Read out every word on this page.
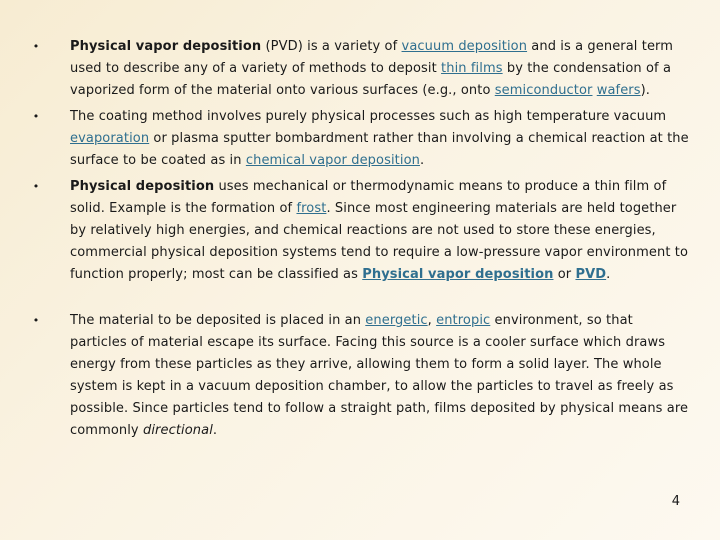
• Physical vapor deposition (PVD) is a variety of vacuum deposition and is a general term used to describe any of a variety of methods to deposit thin films by the condensation of a vaporized form of the material onto various surfaces (e.g., onto semiconductor wafers).
• The coating method involves purely physical processes such as high temperature vacuum evaporation or plasma sputter bombardment rather than involving a chemical reaction at the surface to be coated as in chemical vapor deposition.
• Physical deposition uses mechanical or thermodynamic means to produce a thin film of solid. Example is the formation of frost. Since most engineering materials are held together by relatively high energies, and chemical reactions are not used to store these energies, commercial physical deposition systems tend to require a low-pressure vapor environment to function properly; most can be classified as Physical vapor deposition or PVD.
• The material to be deposited is placed in an energetic, entropic environment, so that particles of material escape its surface. Facing this source is a cooler surface which draws energy from these particles as they arrive, allowing them to form a solid layer. The whole system is kept in a vacuum deposition chamber, to allow the particles to travel as freely as possible. Since particles tend to follow a straight path, films deposited by physical means are commonly directional.
4
